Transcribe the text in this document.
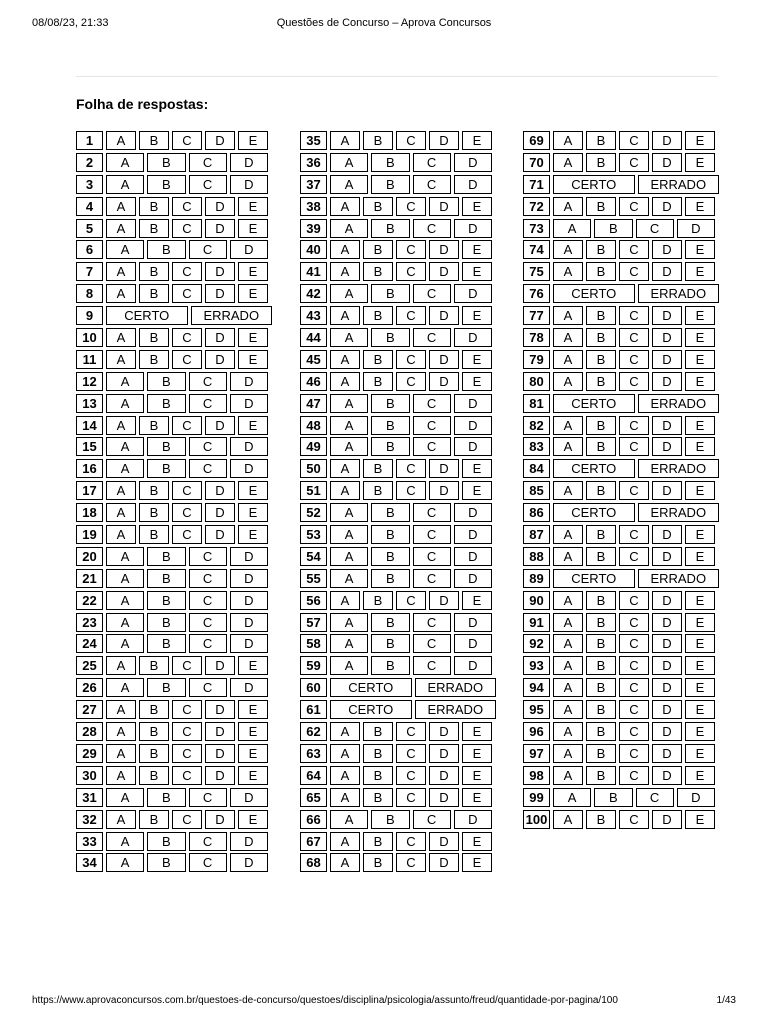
08/08/23, 21:33	Questões de Concurso – Aprova Concursos
Folha de respostas:
1	A	B	C	D	E
2	A	B	C	D
3	A	B	C	D
4	A	B	C	D	E
5	A	B	C	D	E
6	A	B	C	D
7	A	B	C	D	E
8	A	B	C	D	E
9	CERTO	ERRADO
10	A	B	C	D	E
11	A	B	C	D	E
12	A	B	C	D
13	A	B	C	D
14	A	B	C	D	E
15	A	B	C	D
16	A	B	C	D
17	A	B	C	D	E
18	A	B	C	D	E
19	A	B	C	D	E
20	A	B	C	D
21	A	B	C	D
22	A	B	C	D
23	A	B	C	D
24	A	B	C	D
25	A	B	C	D	E
26	A	B	C	D
27	A	B	C	D	E
28	A	B	C	D	E
29	A	B	C	D	E
30	A	B	C	D	E
31	A	B	C	D
32	A	B	C	D	E
33	A	B	C	D
34	A	B	C	D
35	A	B	C	D	E
36	A	B	C	D
37	A	B	C	D
38	A	B	C	D	E
39	A	B	C	D
40	A	B	C	D	E
41	A	B	C	D	E
42	A	B	C	D
43	A	B	C	D	E
44	A	B	C	D
45	A	B	C	D	E
46	A	B	C	D	E
47	A	B	C	D
48	A	B	C	D
49	A	B	C	D
50	A	B	C	D	E
51	A	B	C	D	E
52	A	B	C	D
53	A	B	C	D
54	A	B	C	D
55	A	B	C	D
56	A	B	C	D	E
57	A	B	C	D
58	A	B	C	D
59	A	B	C	D
60	CERTO	ERRADO
61	CERTO	ERRADO
62	A	B	C	D	E
63	A	B	C	D	E
64	A	B	C	D	E
65	A	B	C	D	E
66	A	B	C	D
67	A	B	C	D	E
68	A	B	C	D	E
69	A	B	C	D	E
70	A	B	C	D	E
71	CERTO	ERRADO
72	A	B	C	D	E
73	A	B	C	D
74	A	B	C	D	E
75	A	B	C	D	E
76	CERTO	ERRADO
77	A	B	C	D	E
78	A	B	C	D	E
79	A	B	C	D	E
80	A	B	C	D	E
81	CERTO	ERRADO
82	A	B	C	D	E
83	A	B	C	D	E
84	CERTO	ERRADO
85	A	B	C	D	E
86	CERTO	ERRADO
87	A	B	C	D	E
88	A	B	C	D	E
89	CERTO	ERRADO
90	A	B	C	D	E
91	A	B	C	D	E
92	A	B	C	D	E
93	A	B	C	D	E
94	A	B	C	D	E
95	A	B	C	D	E
96	A	B	C	D	E
97	A	B	C	D	E
98	A	B	C	D	E
99	A	B	C	D
100	A	B	C	D	E
https://www.aprovaconcursos.com.br/questoes-de-concurso/questoes/disciplina/psicologia/assunto/freud/quantidade-por-pagina/100	1/43
